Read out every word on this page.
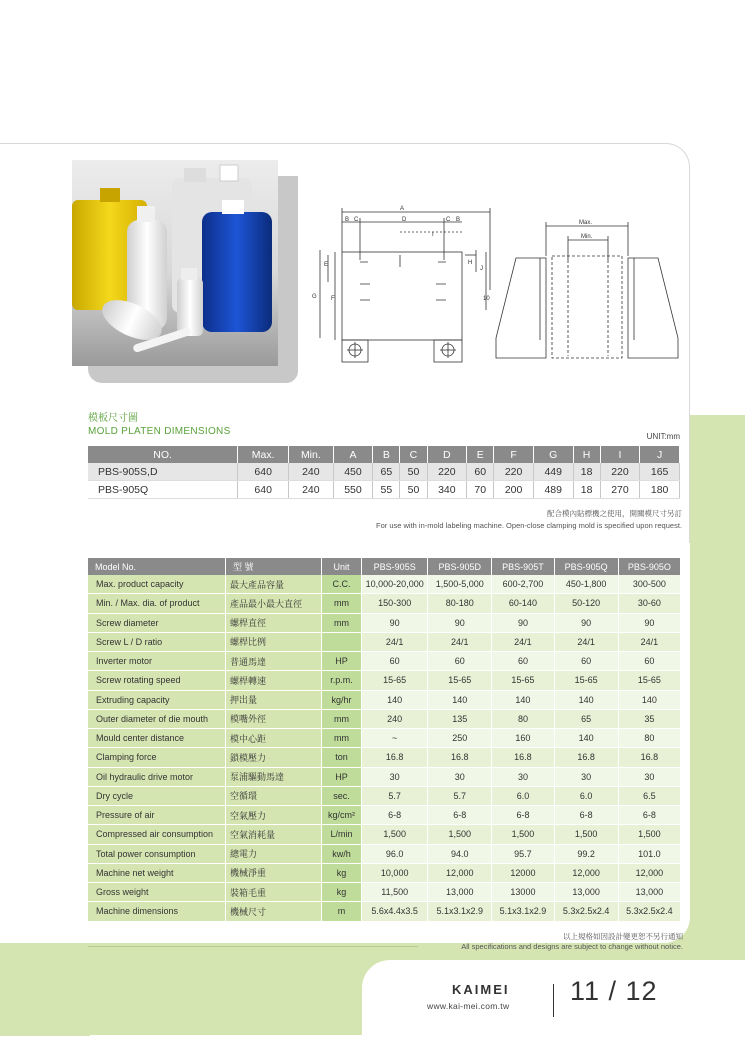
A
B C	D	C B
I
E
F
G
H
J
10
Max.
Min.
模板尺寸圖
MOLD PLATEN DIMENSIONS	UNIT:mm
NO.	Max.	Min.	A	B	C	D	E	F	G	H	I	J
PBS-905S,D	640	240	450	65	50	220	60	220	449	18	220	165
PBS-905Q	640	240	550	55	50	340	70	200	489	18	270	180
配合模內貼標機之使用，開關模尺寸另訂
For use with in-mold labeling machine. Open-close clamping mold is specified upon request.
Model No.	型 號	Unit	PBS-905S	PBS-905D	PBS-905T	PBS-905Q	PBS-905O
Max. product capacity	最大產品容量	C.C.	10,000-20,000	1,500-5,000	600-2,700	450-1,800	300-500
Min. / Max. dia. of product	產品最小最大直徑	mm	150-300	80-180	60-140	50-120	30-60
Screw diameter	螺桿直徑	mm	90	90	90	90	90
Screw L / D ratio	螺桿比例		24/1	24/1	24/1	24/1	24/1
Inverter motor	普通馬達	HP	60	60	60	60	60
Screw rotating speed	螺桿轉速	r.p.m.	15-65	15-65	15-65	15-65	15-65
Extruding capacity	押出量	kg/hr	140	140	140	140	140
Outer diameter of die mouth	模嘴外徑	mm	240	135	80	65	35
Mould center distance	模中心距	mm	~	250	160	140	80
Clamping force	鎖模壓力	ton	16.8	16.8	16.8	16.8	16.8
Oil hydraulic drive motor	泵浦驅動馬達	HP	30	30	30	30	30
Dry cycle	空循環	sec.	5.7	5.7	6.0	6.0	6.5
Pressure of air	空氣壓力	kg/cm²	6-8	6-8	6-8	6-8	6-8
Compressed air consumption	空氣消耗量	L/min	1,500	1,500	1,500	1,500	1,500
Total power consumption	總電力	kw/h	96.0	94.0	95.7	99.2	101.0
Machine net weight	機械淨重	kg	10,000	12,000	12000	12,000	12,000
Gross weight	裝箱毛重	kg	11,500	13,000	13000	13,000	13,000
Machine dimensions	機械尺寸	m	5.6x4.4x3.5	5.1x3.1x2.9	5.1x3.1x2.9	5.3x2.5x2.4	5.3x2.5x2.4
以上規格如因設計變更恕不另行通知
All specifications and designs are subject to change without notice.
KAIMEI
www.kai-mei.com.tw 11 / 12
